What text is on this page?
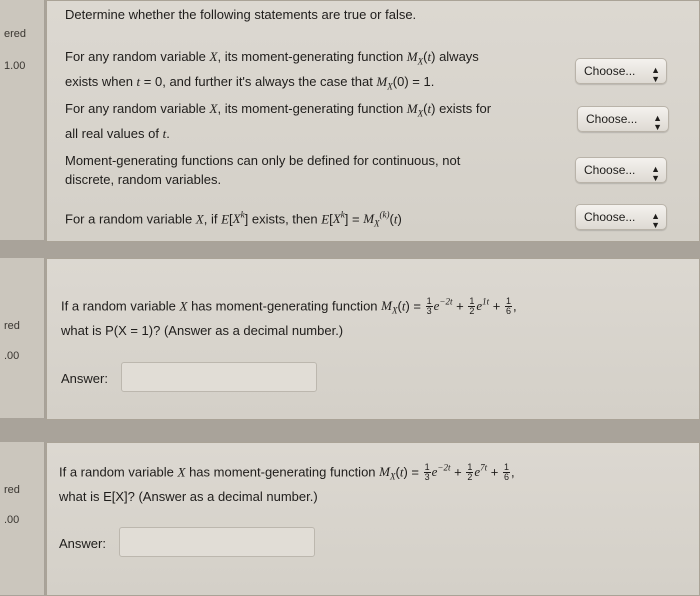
ered
1.00
red
.00
red
.00
Determine whether the following statements are true or false.
For any random variable X, its moment-generating function $M_X(t)$ always
exists when t = 0, and further it's always the case that $M_X(0) = 1$.
Choose... ▲
▼
For any random variable X, its moment-generating function $M_X(t)$ exists for
all real values of t.
Choose... ▲
▼
Moment-generating functions can only be defined for continuous, not
discrete, random variables.
Choose... ▲
▼
For a random variable X, if $E[X^k]$ exists, then $E[X^k] = M_X^{(k)}(t)$	Choose... ▲
▼
If a random variable X has moment-generating function $M_X(t) = \frac{1}{3} e^{-2t} + \frac{1}{2} e^{1t} + \frac{1}{6}$ ,
what is P(X = 1)? (Answer as a decimal number.)
Answer:
If a random variable X has moment-generating function $M_X(t) = \frac{1}{3} e^{-2t} + \frac{1}{2} e^{7t} + \frac{1}{6}$ ,
what is E[X]? (Answer as a decimal number.)
Answer:
